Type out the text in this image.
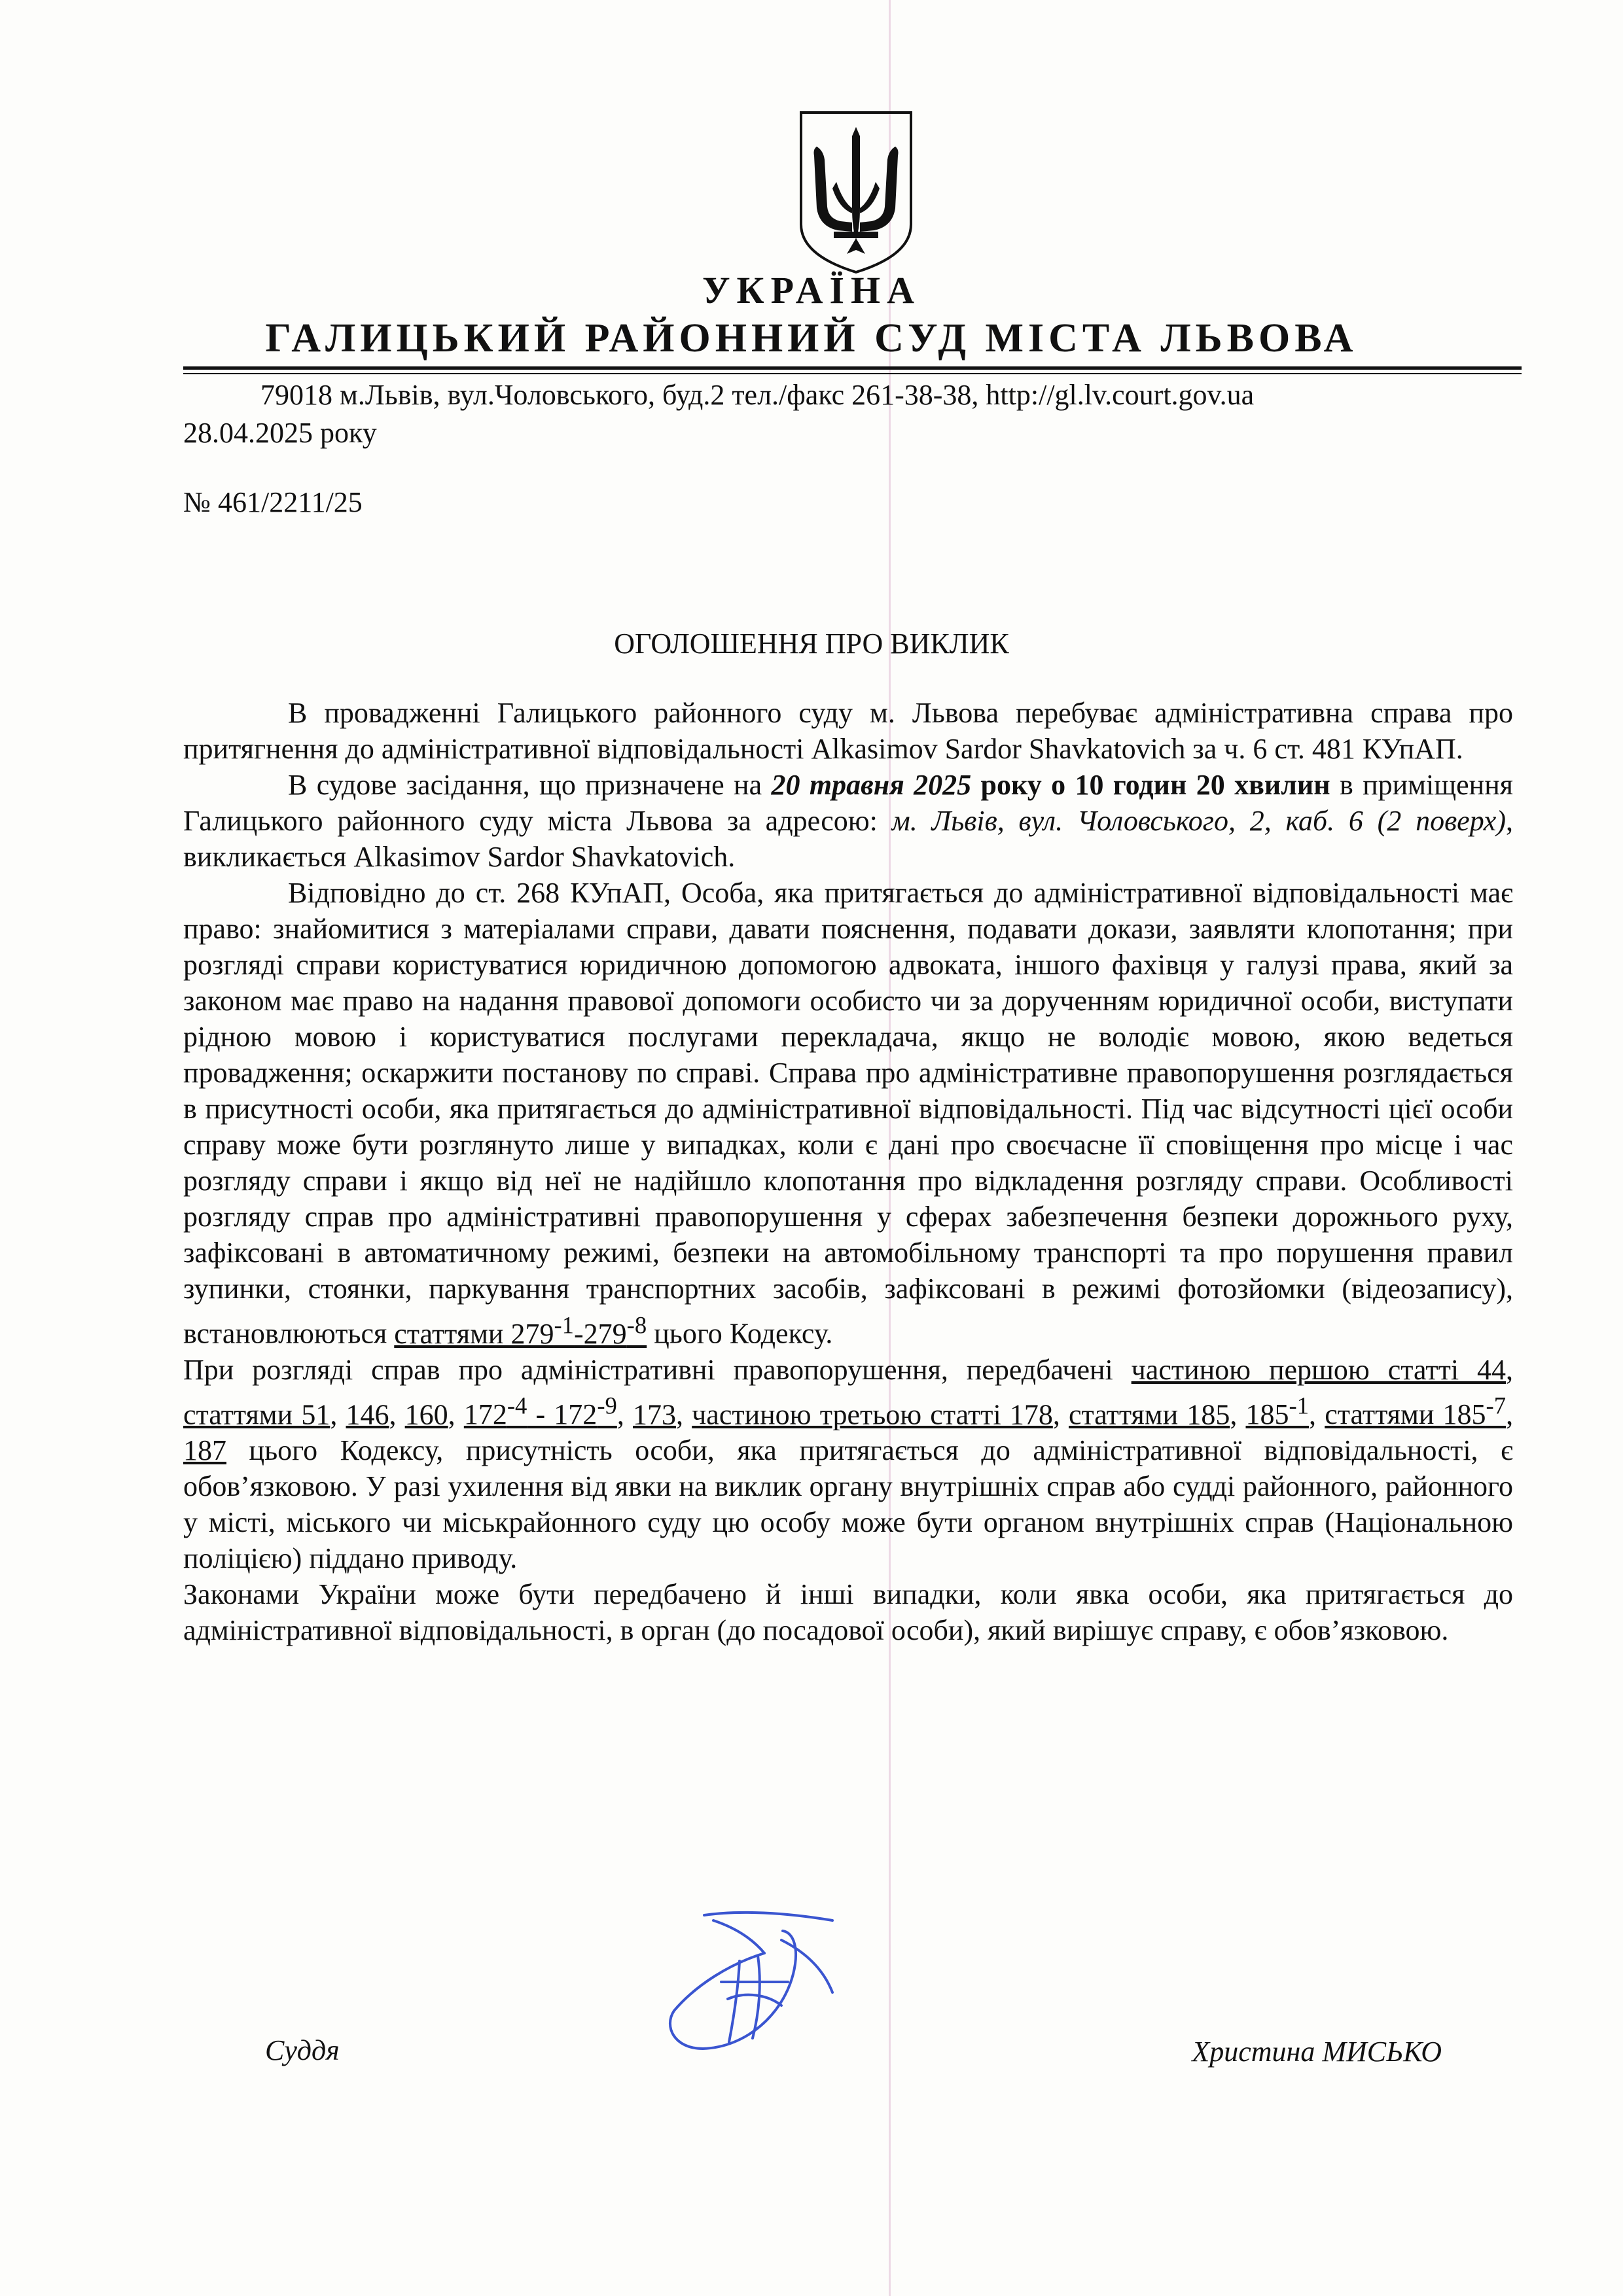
УКРАЇНА
ГАЛИЦЬКИЙ РАЙОННИЙ СУД МІСТА ЛЬВОВА
79018 м.Львів, вул.Чоловського, буд.2 тел./факс 261-38-38, http://gl.lv.court.gov.ua
28.04.2025 року
№ 461/2211/25
ОГОЛОШЕННЯ ПРО ВИКЛИК

В провадженні Галицького районного суду м. Львова перебуває адміністративна справа про притягнення до адміністративної відповідальності Alkasimov Sardor Shavkatovich за ч. 6 ст. 481 КУпАП.

В судове засідання, що призначене на 20 травня 2025 року о 10 годин 20 хвилин в приміщення Галицького районного суду міста Львова за адресою: м. Львів, вул. Чоловського, 2, каб. 6 (2 поверх), викликається Alkasimov Sardor Shavkatovich.

Відповідно до ст. 268 КУпАП, Особа, яка притягається до адміністративної відповідальності має право: знайомитися з матеріалами справи, давати пояснення, подавати докази, заявляти клопотання; при розгляді справи користуватися юридичною допомогою адвоката, іншого фахівця у галузі права, який за законом має право на надання правової допомоги особисто чи за дорученням юридичної особи, виступати рідною мовою і користуватися послугами перекладача, якщо не володіє мовою, якою ведеться провадження; оскаржити постанову по справі. Справа про адміністративне правопорушення розглядається в присутності особи, яка притягається до адміністративної відповідальності. Під час відсутності цієї особи справу може бути розглянуто лише у випадках, коли є дані про своєчасне її сповіщення про місце і час розгляду справи і якщо від неї не надійшло клопотання про відкладення розгляду справи. Особливості розгляду справ про адміністративні правопорушення у сферах забезпечення безпеки дорожнього руху, зафіксовані в автоматичному режимі, безпеки на автомобільному транспорті та про порушення правил зупинки, стоянки, паркування транспортних засобів, зафіксовані в режимі фотозйомки (відеозапису), встановлюються статтями $279^{-1}-279^{-8}$ цього Кодексу.

При розгляді справ про адміністративні правопорушення, передбачені частиною першою статті 44, статтями 51, 146, 160, $172^{-4} - 172^{-9}$, 173, частиною третьою статті 178, статтями 185, $185^{-1}$, статтями $185^{-7}$, 187 цього Кодексу, присутність особи, яка притягається до адміністративної відповідальності, є обов’язковою. У разі ухилення від явки на виклик органу внутрішніх справ або судді районного, районного у місті, міського чи міськрайонного суду цю особу може бути органом внутрішніх справ (Національною поліцією) піддано приводу.

Законами України може бути передбачено й інші випадки, коли явка особи, яка притягається до адміністративної відповідальності, в орган (до посадової особи), який вирішує справу, є обов’язковою.

Суддя	Христина МИСЬКО
